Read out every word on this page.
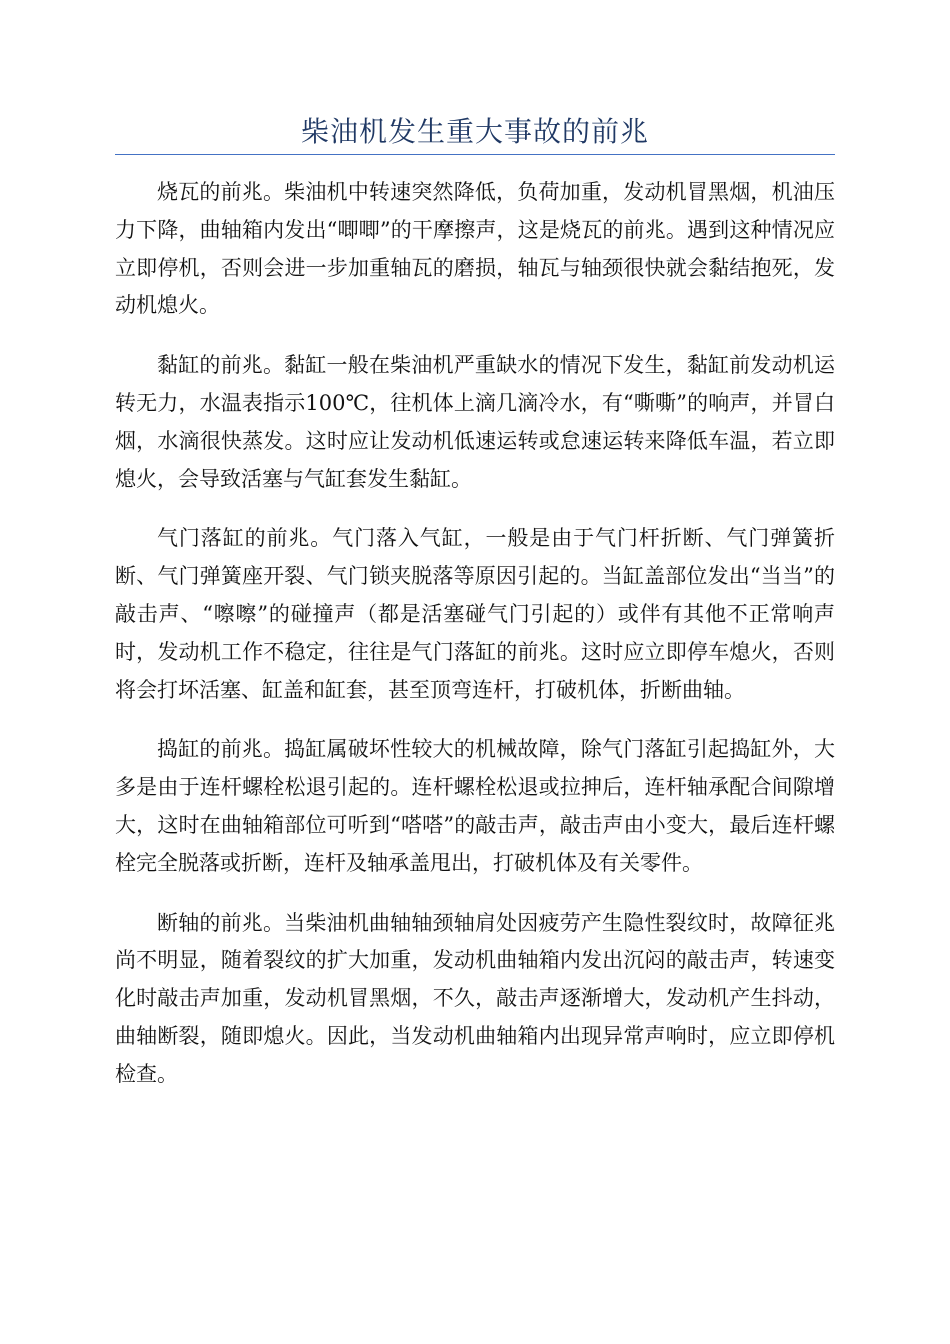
柴油机发生重大事故的前兆

烧瓦的前兆。柴油机中转速突然降低，负荷加重，发动机冒黑烟，机油压力下降，曲轴箱内发出“唧唧”的干摩擦声，这是烧瓦的前兆。遇到这种情况应立即停机，否则会进一步加重轴瓦的磨损，轴瓦与轴颈很快就会黏结抱死，发动机熄火。

黏缸的前兆。黏缸一般在柴油机严重缺水的情况下发生，黏缸前发动机运转无力，水温表指示100℃，往机体上滴几滴冷水，有“嘶嘶”的响声，并冒白烟，水滴很快蒸发。这时应让发动机低速运转或怠速运转来降低车温，若立即熄火，会导致活塞与气缸套发生黏缸。

气门落缸的前兆。气门落入气缸，一般是由于气门杆折断、气门弹簧折断、气门弹簧座开裂、气门锁夹脱落等原因引起的。当缸盖部位发出“当当”的敲击声、“嚓嚓”的碰撞声（都是活塞碰气门引起的）或伴有其他不正常响声时，发动机工作不稳定，往往是气门落缸的前兆。这时应立即停车熄火，否则将会打坏活塞、缸盖和缸套，甚至顶弯连杆，打破机体，折断曲轴。

捣缸的前兆。捣缸属破坏性较大的机械故障，除气门落缸引起捣缸外，大多是由于连杆螺栓松退引起的。连杆螺栓松退或拉抻后，连杆轴承配合间隙增大，这时在曲轴箱部位可听到“嗒嗒”的敲击声，敲击声由小变大，最后连杆螺栓完全脱落或折断，连杆及轴承盖甩出，打破机体及有关零件。

断轴的前兆。当柴油机曲轴轴颈轴肩处因疲劳产生隐性裂纹时，故障征兆尚不明显，随着裂纹的扩大加重，发动机曲轴箱内发出沉闷的敲击声，转速变化时敲击声加重，发动机冒黑烟，不久，敲击声逐渐增大，发动机产生抖动，曲轴断裂，随即熄火。因此，当发动机曲轴箱内出现异常声响时，应立即停机检查。
